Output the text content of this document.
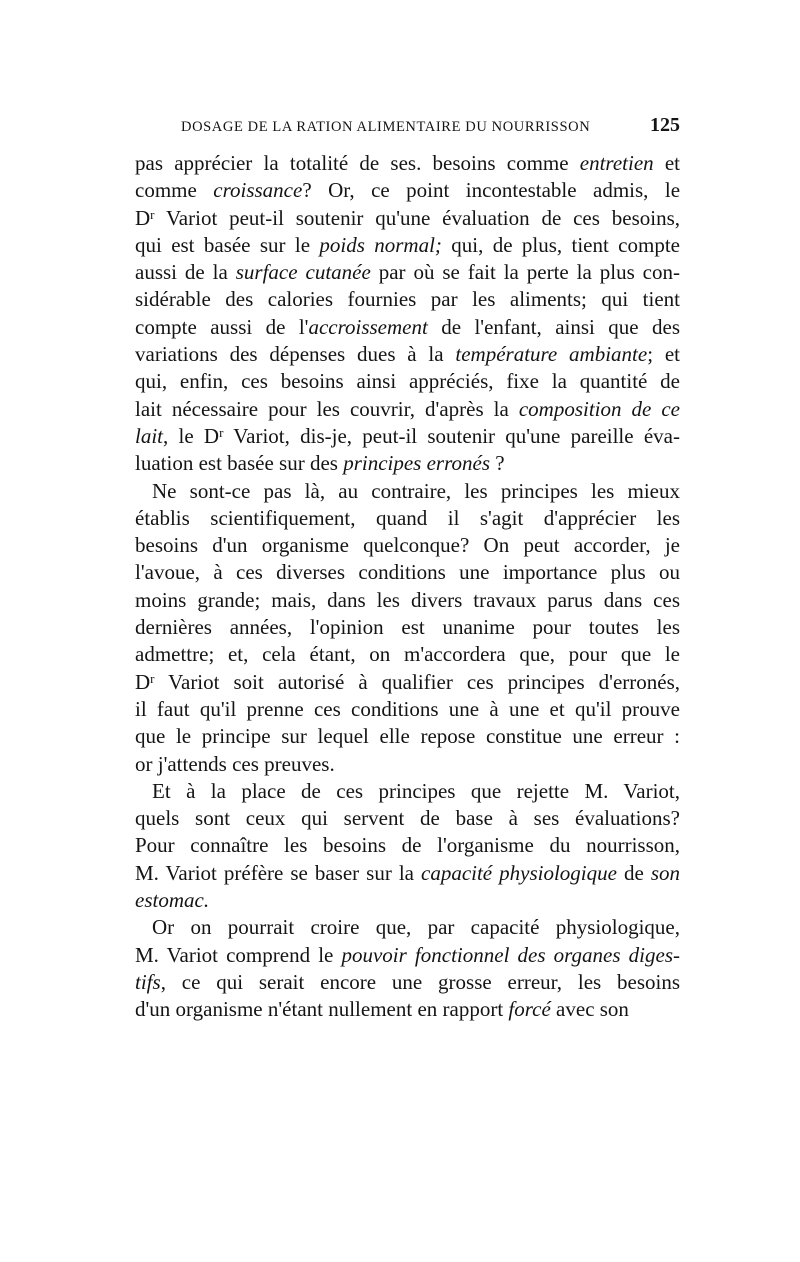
DOSAGE DE LA RATION ALIMENTAIRE DU NOURRISSON	125
pas apprécier la totalité de ses. besoins comme entretien et
comme croissance? Or, ce point incontestable admis, le
$D^r$ Variot peut-il soutenir qu'une évaluation de ces besoins,
qui est basée sur le poids normal; qui, de plus, tient compte
aussi de la surface cutanée par où se fait la perte la plus con-
sidérable des calories fournies par les aliments; qui tient
compte aussi de l'accroissement de l'enfant, ainsi que des
variations des dépenses dues à la température ambiante; et
qui, enfin, ces besoins ainsi appréciés, fixe la quantité de
lait nécessaire pour les couvrir, d'après la composition de ce
lait, le $D^r$ Variot, dis-je, peut-il soutenir qu'une pareille éva-
luation est basée sur des principes erronés ?
Ne sont-ce pas là, au contraire, les principes les mieux
établis scientifiquement, quand il s'agit d'apprécier les
besoins d'un organisme quelconque? On peut accorder, je
l'avoue, à ces diverses conditions une importance plus ou
moins grande; mais, dans les divers travaux parus dans ces
dernières années, l'opinion est unanime pour toutes les
admettre; et, cela étant, on m'accordera que, pour que le
$D^r$ Variot soit autorisé à qualifier ces principes d'erronés,
il faut qu'il prenne ces conditions une à une et qu'il prouve
que le principe sur lequel elle repose constitue une erreur :
or j'attends ces preuves.
Et à la place de ces principes que rejette M. Variot,
quels sont ceux qui servent de base à ses évaluations?
Pour connaître les besoins de l'organisme du nourrisson,
M. Variot préfère se baser sur la capacité physiologique de son
estomac.
Or on pourrait croire que, par capacité physiologique,
M. Variot comprend le pouvoir fonctionnel des organes diges-
tifs, ce qui serait encore une grosse erreur, les besoins
d'un organisme n'étant nullement en rapport forcé avec son
